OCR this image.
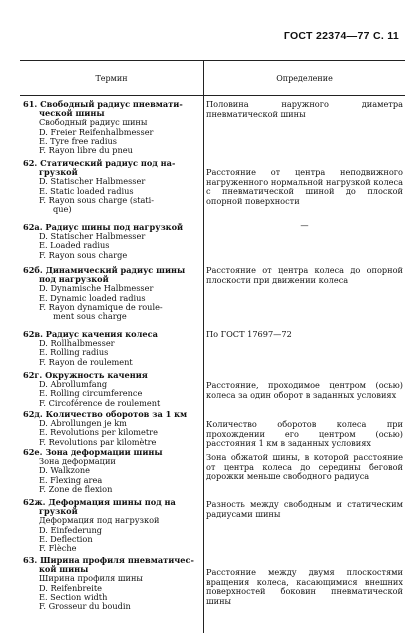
ГОСТ 22374—77 С. 11
Термин	Определение
61. Свободный радиус пневмати-
ческой шины
Свободный радиус шины
D. Freier Reifenhalbmesser
E. Tyre free radius
F. Rayon libre du pneu
Половина наружного диаметра пневматической шины
62. Статический радиус под на-
грузкой
D. Statischer Halbmesser
E. Static loaded radius
F. Rayon sous charge (stati-
que)
Расстояние от центра неподвижного нагруженного нормальной нагрузкой колеса с пневматической шиной до плоской опорной поверхности
62а. Радиус шины под нагрузкой
D. Statischer Halbmesser
E. Loaded radius
F. Rayon sous charge
—
62б. Динамический радиус шины
под нагрузкой
D. Dynamische Halbmesser
E. Dynamic loaded radius
F. Rayon dynamique de roule-
ment sous charge
Расстояние от центра колеса до опорной плоскости при движении колеса
62в. Радиус качения колеса
D. Rollhalbmesser
E. Rolling radius
F. Rayon de roulement
По ГОСТ 17697—72
62г. Окружность качения
D. Abrollumfang
E. Rolling circumference
F. Circoférence de roulement
Расстояние, проходимое центром (осью) колеса за один оборот в заданных условиях
62д. Количество оборотов за 1 км
D. Abrollungen je km
E. Revolutions per kilometre
F. Revolutions par kilomètre
Количество оборотов колеса при прохождении его центром (осью) расстояния 1 км в заданных условиях
62е. Зона деформации шины
Зона деформации
D. Walkzone
E. Flexing area
F. Zone de flexion
Зона обжатой шины, в которой расстояние от центра колеса до середины беговой дорожки меньше свободного радиуса
62ж. Деформация шины под на
грузкой
Деформация под нагрузкой
D. Einfederung
E. Deflection
F. Flèche
Разность между свободным и статическим радиусами шины
63. Ширина профиля пневматичес-
кой шины
Ширина профиля шины
D. Reifenbreite
E. Section width
F. Grosseur du boudin
Расстояние между двумя плоскостями вращения колеса, касающимися внешних поверхностей боковин пневматической шины
